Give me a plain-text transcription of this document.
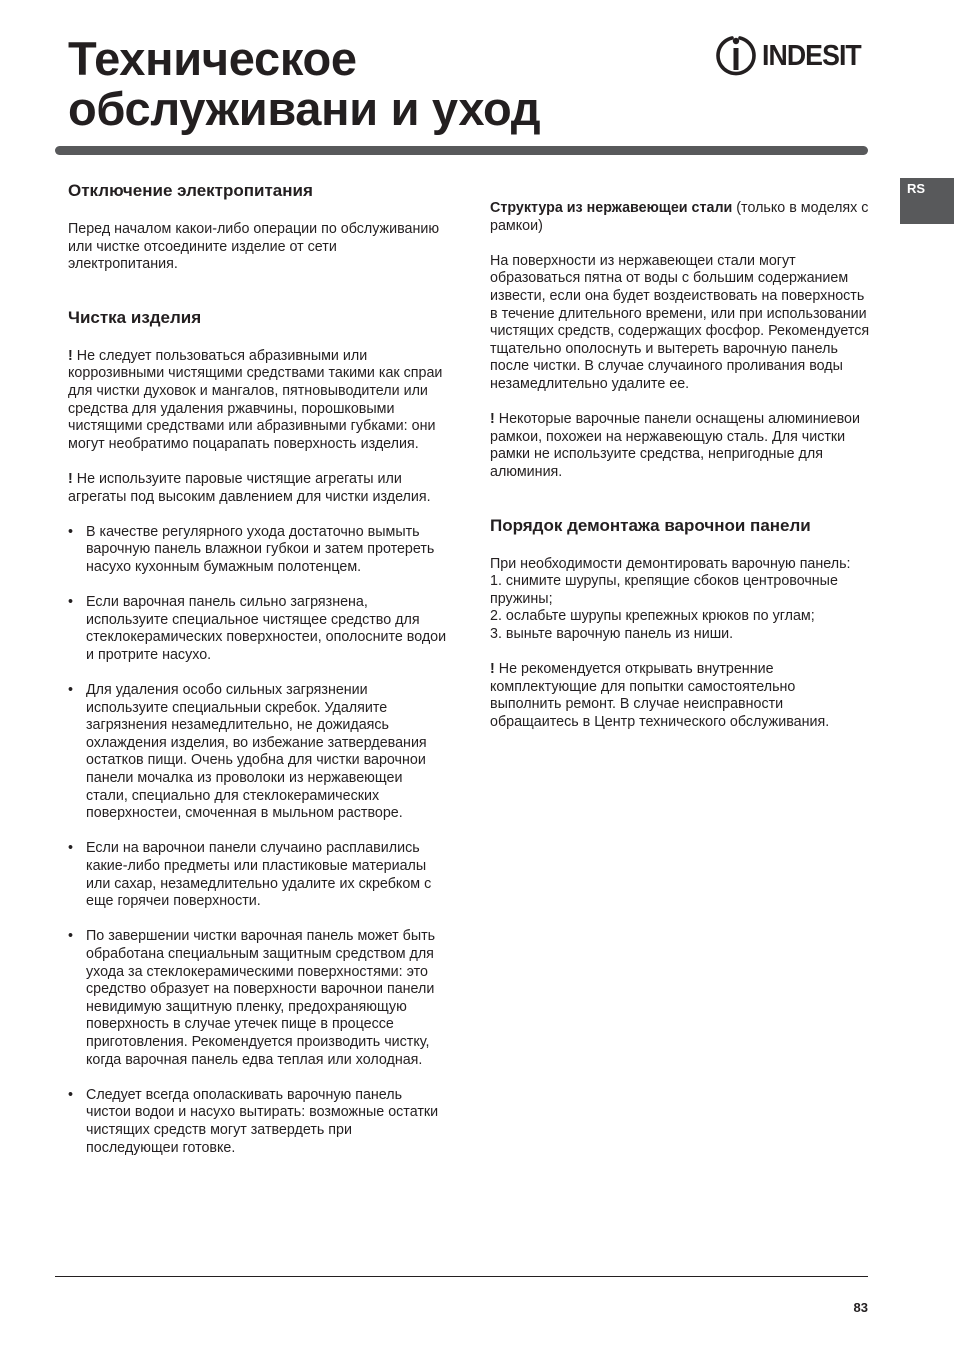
Техническое
обслуживани и уход
INDESIT
RS
Отключение электропитания

Перед началом какои-либо операции по обслуживанию или чистке отсоедините изделие от сети электропитания.

Чистка изделия

! Не следует пользоваться абразивными или коррозивными чистящими средствами такими как спраи для чистки духовок и мангалов, пятновыводители или средства для удаления ржавчины, порошковыми чистящими средствами или абразивными губками: они могут необратимо поцарапать поверхность изделия.

! Не используите паровые чистящие агрегаты или агрегаты под высоким давлением для чистки изделия.

• В качестве регулярного ухода достаточно вымыть варочную панель влажнои губкои и затем протереть насухо кухонным бумажным полотенцем.
• Если варочная панель сильно загрязнена, используите специальное чистящее средство для стеклокерамических поверхностеи, ополосните водои и протрите насухо.
• Для удаления особо сильных загрязнении используите специальныи скребок. Удаляите загрязнения незамедлительно, не дожидаясь охлаждения изделия, во избежание затвердевания остатков пищи. Очень удобна для чистки варочнои панели мочалка из проволоки из нержавеющеи стали, специально для стеклокерамических поверхностеи, смоченная в мыльном растворе.
• Если на варочнои панели случаино расплавились какие-либо предметы или пластиковые материалы или сахар, незамедлительно удалите их скребком с еще горячеи поверхности.
• По завершении чистки варочная панель может быть обработана специальным защитным средством для ухода за стеклокерамическими поверхностями: это средство образует на поверхности варочнои панели невидимую защитную пленку, предохраняющую поверхность в случае утечек пище в процессе приготовления. Рекомендуется производить чистку, когда варочная панель едва теплая или холодная.
• Следует всегда ополаскивать варочную панель чистои водои и насухо вытирать: возможные остатки чистящих средств могут затвердеть при последующеи готовке.

Структура из нержавеющеи стали (только в моделях с рамкои)

На поверхности из нержавеющеи стали могут образоваться пятна от воды с большим содержанием извести, если она будет воздеиствовать на поверхность в течение длительного времени, или при использовании чистящих средств, содержащих фосфор. Рекомендуется тщательно ополоснуть и вытереть варочную панель после чистки. В случае случаиного проливания воды незамедлительно удалите ее.

! Некоторые варочные панели оснащены алюминиевои рамкои, похожеи на нержавеющую сталь. Для чистки рамки не используите средства, непригодные для алюминия.

Порядок демонтажа варочнои панели
При необходимости демонтировать варочную панель:
1. снимите шурупы, крепящие сбоков центровочные пружины;
2. ослабьте шурупы крепежных крюков по углам;
3. выньте варочную панель из ниши.

! Не рекомендуется открывать внутренние комплектующие для попытки самостоятельно выполнить ремонт. В случае неисправности обращаитесь в Центр технического обслуживания.

83
